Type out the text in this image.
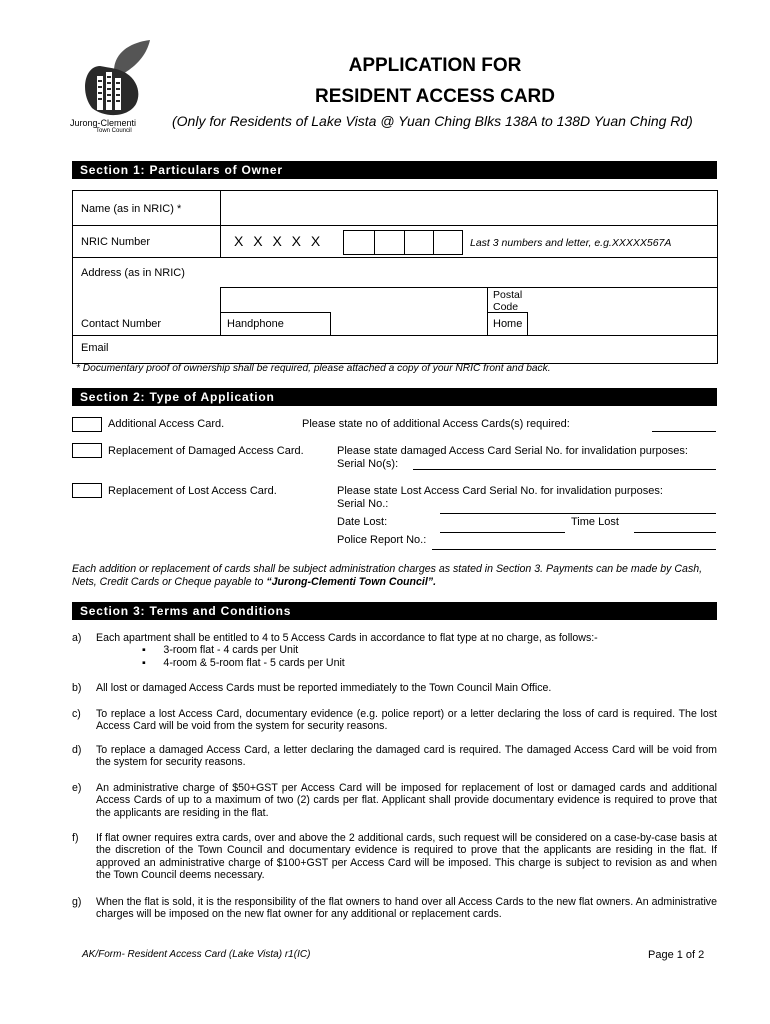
Jurong-Clementi
Town Council
APPLICATION FOR
RESIDENT ACCESS CARD
(Only for Residents of Lake Vista @ Yuan Ching Blks 138A to 138D Yuan Ching Rd)
Section 1: Particulars of Owner
Name (as in NRIC) *
NRIC Number	X X X X X	Last 3 numbers and letter, e.g.XXXXX567A
Address (as in NRIC)
Postal Code
Contact Number	Handphone	Home
Email
* Documentary proof of ownership shall be required, please attached a copy of your NRIC front and back.
Section 2: Type of Application
Additional Access Card.	Please state no of additional Access Cards(s) required:
Replacement of Damaged Access Card.	Please state damaged Access Card Serial No. for invalidation purposes:
Serial No(s):
Replacement of Lost Access Card.	Please state Lost Access Card Serial No. for invalidation purposes:
Serial No.:
Date Lost:	Time Lost
Police Report No.:
Each addition or replacement of cards shall be subject administration charges as stated in Section 3. Payments can be made by Cash, Nets, Credit Cards or Cheque payable to “Jurong-Clementi Town Council”.
Section 3: Terms and Conditions
a) Each apartment shall be entitled to 4 to 5 Access Cards in accordance to flat type at no charge, as follows:-
▪      3-room flat - 4 cards per Unit
▪      4-room & 5-room flat - 5 cards per Unit
b) All lost or damaged Access Cards must be reported immediately to the Town Council Main Office.
c) To replace a lost Access Card, documentary evidence (e.g. police report) or a letter declaring the loss of card is required. The lost Access Card will be void from the system for security reasons.
d) To replace a damaged Access Card, a letter declaring the damaged card is required. The damaged Access Card will be void from the system for security reasons.
e) An administrative charge of $50+GST per Access Card will be imposed for replacement of lost or damaged cards and additional Access Cards of up to a maximum of two (2) cards per flat. Applicant shall provide documentary evidence is required to prove that the applicants are residing in the flat.
f) If flat owner requires extra cards, over and above the 2 additional cards, such request will be considered on a case-by-case basis at the discretion of the Town Council and documentary evidence is required to prove that the applicants are residing in the flat. If approved an administrative charge of $100+GST per Access Card will be imposed. This charge is subject to revision as and when the Town Council deems necessary.
g) When the flat is sold, it is the responsibility of the flat owners to hand over all Access Cards to the new flat owners. An administrative charges will be imposed on the new flat owner for any additional or replacement cards.
AK/Form- Resident Access Card (Lake Vista) r1(IC)	Page 1 of 2
